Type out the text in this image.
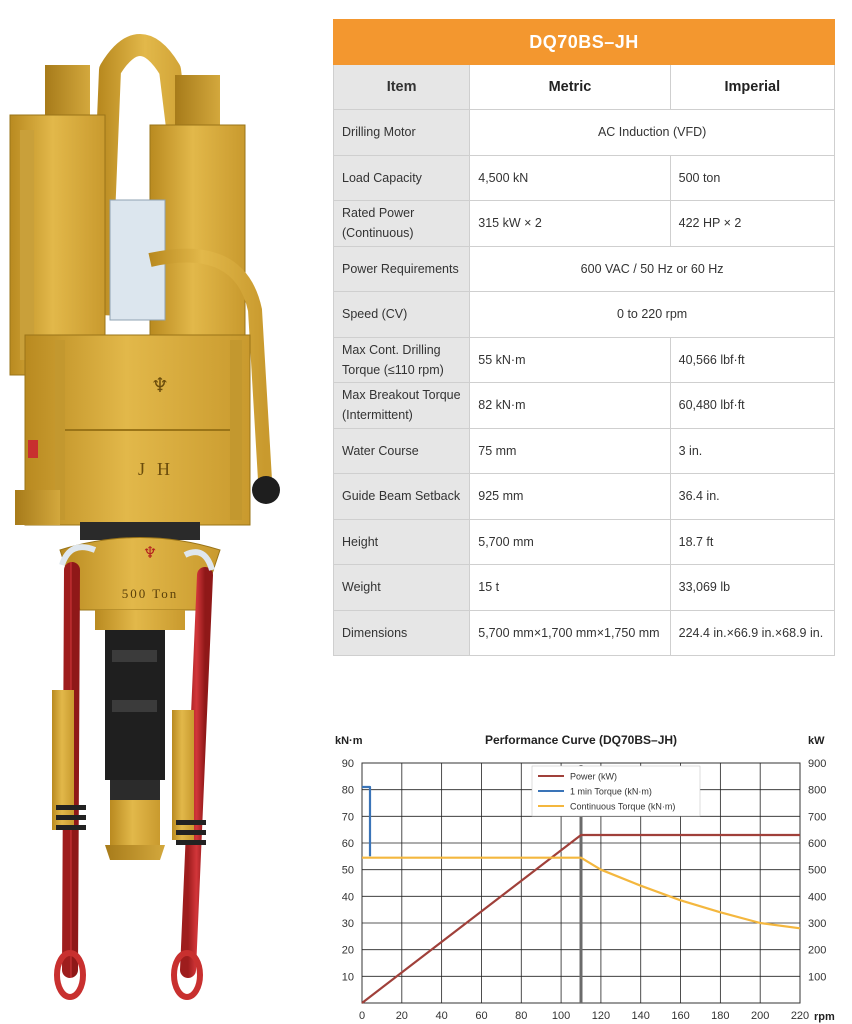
♆
JH
♆
500 Ton
DQ70BS–JH		
Item	Metric	Imperial
Drilling Motor	AC Induction (VFD)	
Load Capacity	4,500 kN	500 ton
Rated Power (Continuous)	315 kW × 2	422 HP × 2
Power Requirements	600 VAC / 50 Hz or 60 Hz	
Speed (CV)	0 to 220 rpm	
Max Cont. Drilling Torque (≤110 rpm)	55 kN·m	40,566 lbf·ft
Max Breakout Torque (Intermittent)	82 kN·m	60,480 lbf·ft
Water Course	75 mm	3 in.
Guide Beam Setback	925 mm	36.4 in.
Height	5,700 mm	18.7 ft
Weight	15 t	33,069 lb
Dimensions	5,700 mm×1,700 mm×1,750 mm	224.4 in.×66.9 in.×68.9 in.
Performance Curve (DQ70BS–JH)
kN·m	kW
rpm
0	20	40	60	80 100 120 140 160 180 200 220
10
20
30
40
50
60
70
80
90
100
200
300
400
500
600
700
800
900
Power (kW)
1 min Torque (kN·m)
Continuous Torque (kN·m)
